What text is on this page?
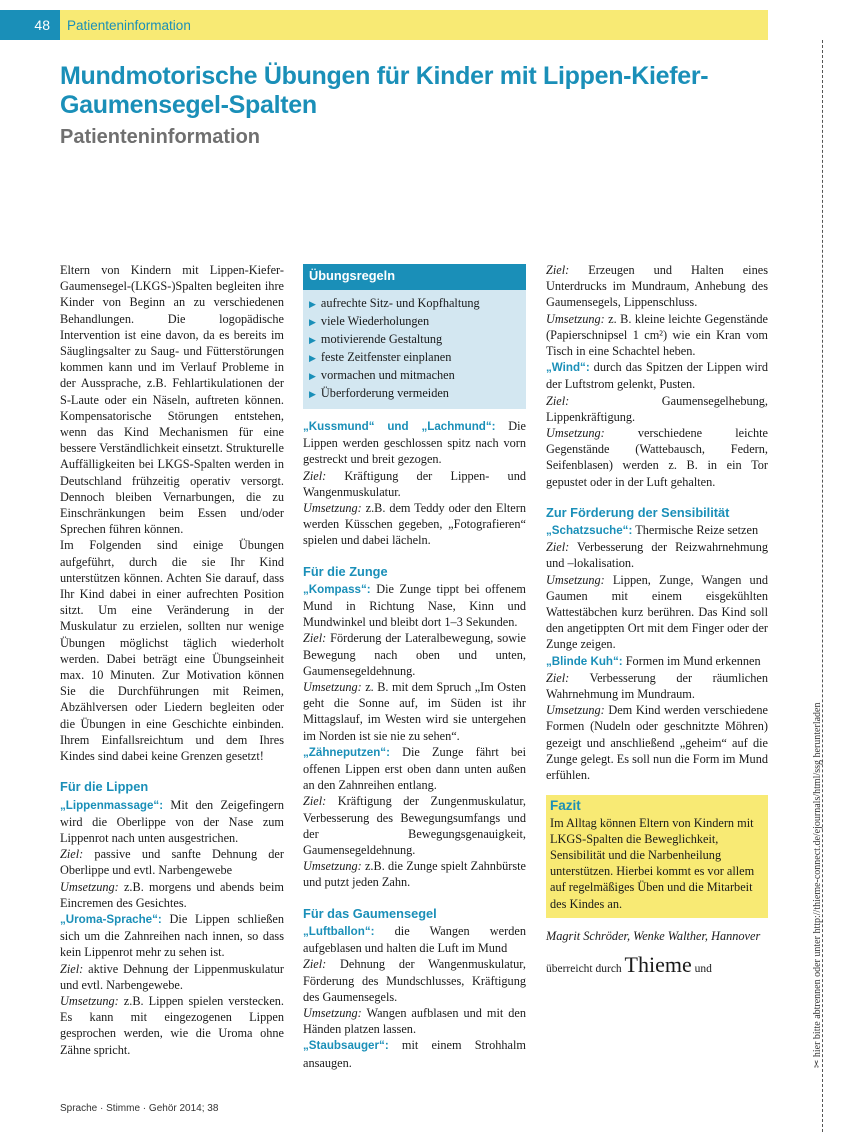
48	Patienteninformation
Mundmotorische Übungen für Kinder mit Lippen-Kiefer-Gaumensegel-Spalten
Patienteninformation

Eltern von Kindern mit Lippen-Kiefer-Gaumensegel-(LKGS-)Spalten begleiten ihre Kinder von Beginn an zu verschiedenen Behandlungen. Die logopädische Intervention ist eine davon, da es bereits im Säuglingsalter zu Saug- und Fütterstörungen kommen kann und im Verlauf Probleme in der Aussprache, z.B. Fehlartikulationen der S-Laute oder ein Näseln, auftreten können. Kompensatorische Störungen entstehen, wenn das Kind Mechanismen für eine bessere Verständlichkeit einsetzt. Strukturelle Auffälligkeiten bei LKGS-Spalten werden in Deutschland frühzeitig operativ versorgt. Dennoch bleiben Vernarbungen, die zu Einschränkungen beim Essen und/oder Sprechen führen können.

Im Folgenden sind einige Übungen aufgeführt, durch die sie Ihr Kind unterstützen können. Achten Sie darauf, dass Ihr Kind dabei in einer aufrechten Position sitzt. Um eine Veränderung in der Muskulatur zu erzielen, sollten nur wenige Übungen möglichst täglich wiederholt werden. Dabei beträgt eine Übungseinheit max. 10 Minuten. Zur Motivation können Sie die Durchführungen mit Reimen, Abzählversen oder Liedern begleiten oder die Übungen in eine Geschichte einbinden. Ihrem Einfallsreichtum und dem Ihres Kindes sind dabei keine Grenzen gesetzt!

Für die Lippen

„Lippenmassage“: Mit den Zeigefingern wird die Oberlippe von der Nase zum Lippenrot nach unten ausgestrichen.

Ziel: passive und sanfte Dehnung der Oberlippe und evtl. Narbengewebe

Umsetzung: z.B. morgens und abends beim Eincremen des Gesichtes.

„Uroma-Sprache“: Die Lippen schließen sich um die Zahnreihen nach innen, so dass kein Lippenrot mehr zu sehen ist.

Ziel: aktive Dehnung der Lippenmuskulatur und evtl. Narbengewebe.

Umsetzung: z.B. Lippen spielen verstecken. Es kann mit eingezogenen Lippen gesprochen werden, wie die Uroma ohne Zähne spricht.

Übungsregeln
▶ aufrechte Sitz- und Kopfhaltung
▶ viele Wiederholungen
▶ motivierende Gestaltung
▶ feste Zeitfenster einplanen
▶ vormachen und mitmachen
▶ Überforderung vermeiden

„Kussmund“ und „Lachmund“: Die Lippen werden geschlossen spitz nach vorn gestreckt und breit gezogen.

Ziel: Kräftigung der Lippen- und Wangenmuskulatur.

Umsetzung: z.B. dem Teddy oder den Eltern werden Küsschen gegeben, „Fotografieren“ spielen und dabei lächeln.

Für die Zunge

„Kompass“: Die Zunge tippt bei offenem Mund in Richtung Nase, Kinn und Mundwinkel und bleibt dort 1–3 Sekunden.

Ziel: Förderung der Lateralbewegung, sowie Bewegung nach oben und unten, Gaumensegeldehnung.

Umsetzung: z. B. mit dem Spruch „Im Osten geht die Sonne auf, im Süden ist ihr Mittagslauf, im Westen wird sie untergehen im Norden ist sie nie zu sehen“.

„Zähneputzen“: Die Zunge fährt bei offenen Lippen erst oben dann unten außen an den Zahnreihen entlang.

Ziel: Kräftigung der Zungenmuskulatur, Verbesserung des Bewegungsumfangs und der Bewegungsgenauigkeit, Gaumensegeldehnung.

Umsetzung: z.B. die Zunge spielt Zahnbürste und putzt jeden Zahn.

Für das Gaumensegel

„Luftballon“: die Wangen werden aufgeblasen und halten die Luft im Mund

Ziel: Dehnung der Wangenmuskulatur, Förderung des Mundschlusses, Kräftigung des Gaumensegels.

Umsetzung: Wangen aufblasen und mit den Händen platzen lassen.

„Staubsauger“: mit einem Strohhalm ansaugen.

Ziel: Erzeugen und Halten eines Unterdrucks im Mundraum, Anhebung des Gaumensegels, Lippenschluss.

Umsetzung: z. B. kleine leichte Gegenstände (Papierschnipsel 1 cm²) wie ein Kran vom Tisch in eine Schachtel heben.

„Wind“: durch das Spitzen der Lippen wird der Luftstrom gelenkt, Pusten.

Ziel: Gaumensegelhebung, Lippenkräftigung.

Umsetzung: verschiedene leichte Gegenstände (Wattebausch, Federn, Seifenblasen) werden z. B. in ein Tor gepustet oder in der Luft gehalten.

Zur Förderung der Sensibilität

„Schatzsuche“: Thermische Reize setzen

Ziel: Verbesserung der Reizwahrnehmung und –lokalisation.

Umsetzung: Lippen, Zunge, Wangen und Gaumen mit einem eisgekühlten Wattestäbchen kurz berühren. Das Kind soll den angetippten Ort mit dem Finger oder der Zunge zeigen.

„Blinde Kuh“: Formen im Mund erkennen

Ziel: Verbesserung der räumlichen Wahrnehmung im Mundraum.

Umsetzung: Dem Kind werden verschiedene Formen (Nudeln oder geschnitzte Möhren) gezeigt und anschließend „geheim“ auf die Zunge gelegt. Es soll nun die Form im Mund erfühlen.

Fazit

Im Alltag können Eltern von Kindern mit LKGS-Spalten die Beweglichkeit, Sensibilität und die Narbenheilung unterstützen. Hierbei kommt es vor allem auf regelmäßiges Üben und die Mitarbeit des Kindes an.

Magrit Schröder, Wenke Walther, Hannover

überreicht durch Thieme und

Sprache · Stimme · Gehör 2014; 38
✂ hier bitte abtrennen oder unter http://thieme-connect.de/ejournals/html/ssg herunterladen
